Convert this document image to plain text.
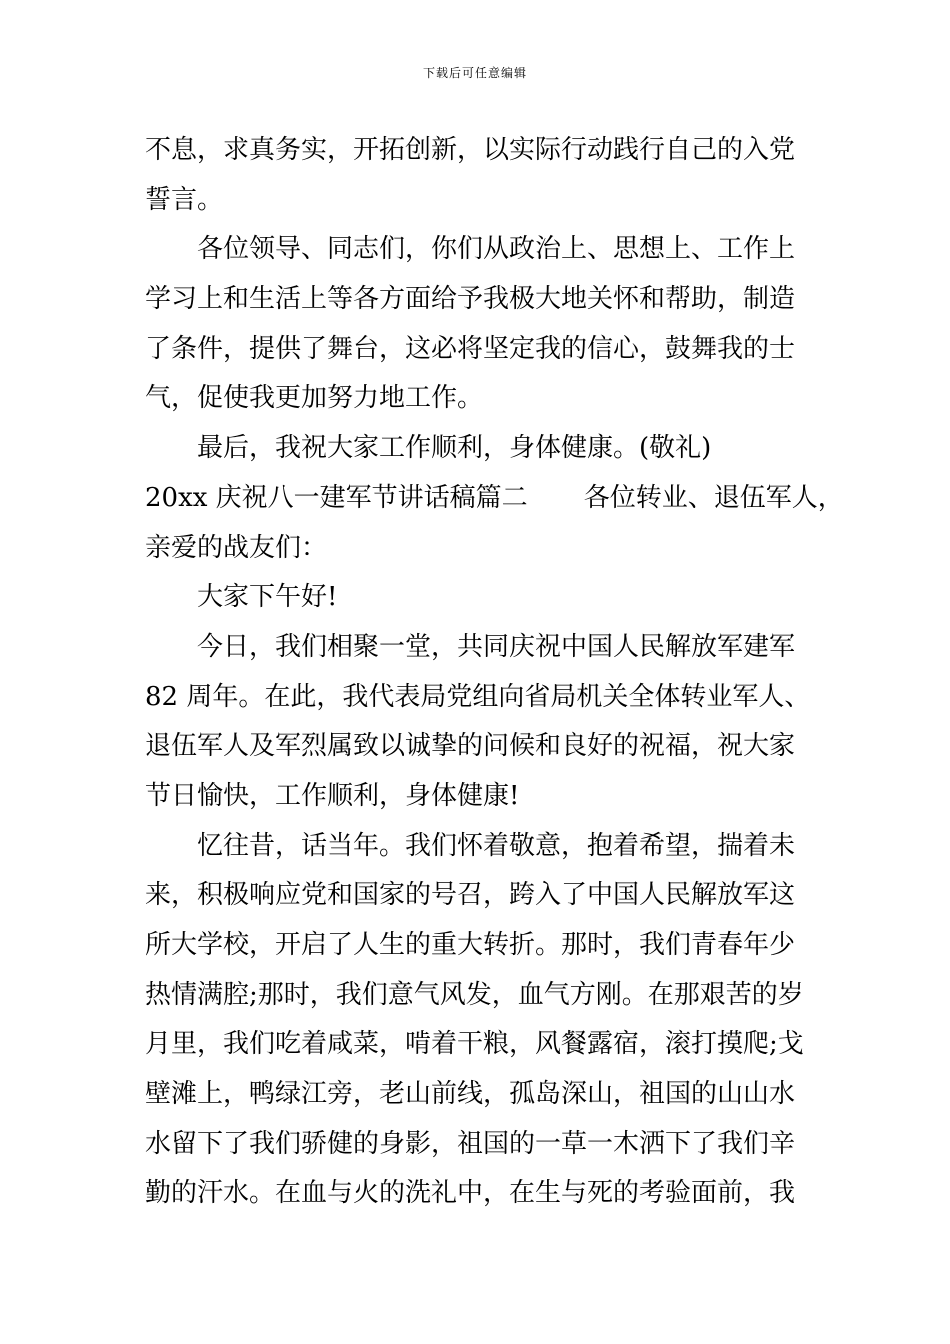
下载后可任意编辑
不息，求真务实，开拓创新，以实际行动践行自己的入党
誓言。
各位领导、同志们，你们从政治上、思想上、工作上
学习上和生活上等各方面给予我极大地关怀和帮助，制造
了条件，提供了舞台，这必将坚定我的信心，鼓舞我的士
气，促使我更加努力地工作。
最后，我祝大家工作顺利，身体健康。(敬礼)
20xx 庆祝八一建军节讲话稿篇二 各位转业、退伍军人，
亲爱的战友们：
大家下午好!
今日，我们相聚一堂，共同庆祝中国人民解放军建军
82 周年。在此，我代表局党组向省局机关全体转业军人、
退伍军人及军烈属致以诚挚的问候和良好的祝福，祝大家
节日愉快，工作顺利，身体健康!
忆往昔，话当年。我们怀着敬意，抱着希望，揣着未
来，积极响应党和国家的号召，跨入了中国人民解放军这
所大学校，开启了人生的重大转折。那时，我们青春年少
热情满腔;那时，我们意气风发，血气方刚。在那艰苦的岁
月里，我们吃着咸菜，啃着干粮，风餐露宿，滚打摸爬;戈
壁滩上，鸭绿江旁，老山前线，孤岛深山，祖国的山山水
水留下了我们骄健的身影，祖国的一草一木洒下了我们辛
勤的汗水。在血与火的洗礼中，在生与死的考验面前，我
